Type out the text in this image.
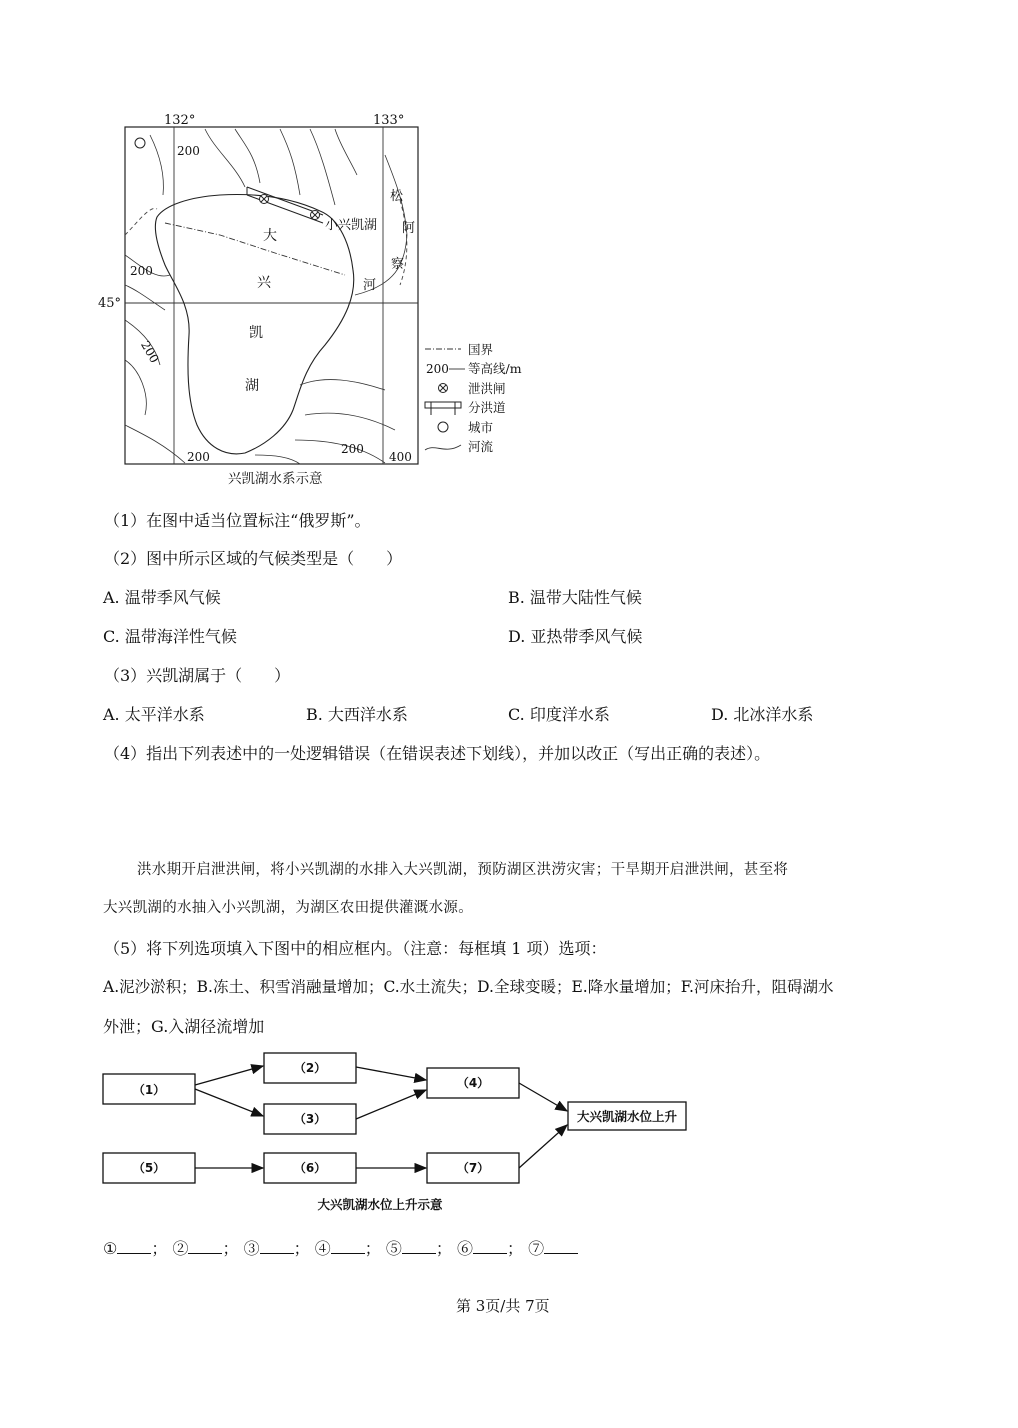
132°	133°
45°
大
兴
凯
湖
小兴凯湖
松
阿
察
河
200
200
200
200
200
400
国界
200 等高线/m
泄洪闸
分洪道
城市
河流
兴凯湖水系示意
（1）在图中适当位置标注“俄罗斯”。
（2）图中所示区域的气候类型是（　　）
A. 温带季风气候	B. 温带大陆性气候
C. 温带海洋性气候	D. 亚热带季风气候
（3）兴凯湖属于（　　）
A. 太平洋水系	B. 大西洋水系	C. 印度洋水系	D. 北冰洋水系
（4）指出下列表述中的一处逻辑错误（在错误表述下划线），并加以改正（写出正确的表述）。
洪水期开启泄洪闸，将小兴凯湖的水排入大兴凯湖，预防湖区洪涝灾害；干旱期开启泄洪闸，甚至将
大兴凯湖的水抽入小兴凯湖，为湖区农田提供灌溉水源。
（5）将下列选项填入下图中的相应框内。（注意：每框填 1 项）选项：
A.泥沙淤积；B.冻土、积雪消融量增加；C.水土流失；D.全球变暖；E.降水量增加；F.河床抬升，阻碍湖水
外泄；G.入湖径流增加
（1）
（2）
（3）
（4）
（5）	（6）	（7）
大兴凯湖水位上升
大兴凯湖水位上升示意
① ； ② ； ③ ； ④ ； ⑤ ； ⑥ ； ⑦
第 3页/共 7页
